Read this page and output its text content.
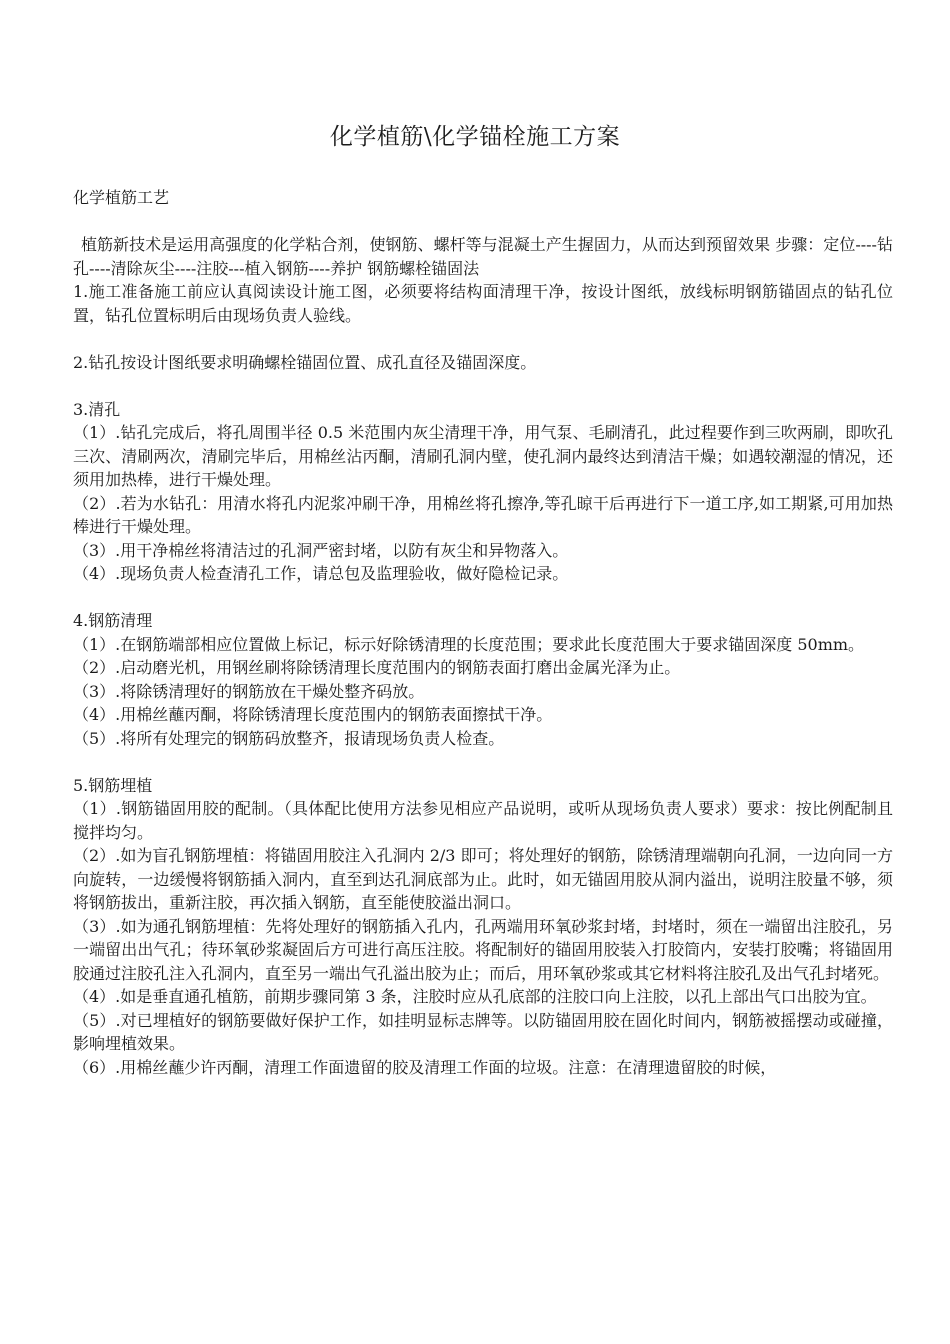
化学植筋\化学锚栓施工方案

化学植筋工艺

植筋新技术是运用高强度的化学粘合剂，使钢筋、螺杆等与混凝土产生握固力，从而达到预留效果 步骤：定位----钻孔----清除灰尘----注胶---植入钢筋----养护 钢筋螺栓锚固法

1.施工准备施工前应认真阅读设计施工图，必须要将结构面清理干净，按设计图纸，放线标明钢筋锚固点的钻孔位置，钻孔位置标明后由现场负责人验线。

2.钻孔按设计图纸要求明确螺栓锚固位置、成孔直径及锚固深度。

3.清孔

（1）.钻孔完成后，将孔周围半径 0.5 米范围内灰尘清理干净，用气泵、毛刷清孔，此过程要作到三吹两刷，即吹孔三次、清刷两次，清刷完毕后，用棉丝沾丙酮，清刷孔洞内壁，使孔洞内最终达到清洁干燥；如遇较潮湿的情况，还须用加热棒，进行干燥处理。

（2）.若为水钻孔：用清水将孔内泥浆冲刷干净，用棉丝将孔擦净,等孔晾干后再进行下一道工序,如工期紧,可用加热棒进行干燥处理。

（3）.用干净棉丝将清洁过的孔洞严密封堵，以防有灰尘和异物落入。

（4）.现场负责人检查清孔工作，请总包及监理验收，做好隐检记录。

4.钢筋清理

（1）.在钢筋端部相应位置做上标记，标示好除锈清理的长度范围；要求此长度范围大于要求锚固深度 50mm。

（2）.启动磨光机，用钢丝刷将除锈清理长度范围内的钢筋表面打磨出金属光泽为止。

（3）.将除锈清理好的钢筋放在干燥处整齐码放。

（4）.用棉丝蘸丙酮，将除锈清理长度范围内的钢筋表面擦拭干净。

（5）.将所有处理完的钢筋码放整齐，报请现场负责人检查。

5.钢筋埋植

（1）.钢筋锚固用胶的配制。（具体配比使用方法参见相应产品说明，或听从现场负责人要求）要求：按比例配制且搅拌均匀。

（2）.如为盲孔钢筋埋植：将锚固用胶注入孔洞内 2/3 即可；将处理好的钢筋，除锈清理端朝向孔洞，一边向同一方向旋转，一边缓慢将钢筋插入洞内，直至到达孔洞底部为止。此时，如无锚固用胶从洞内溢出，说明注胶量不够，须将钢筋拔出，重新注胶，再次插入钢筋，直至能使胶溢出洞口。

（3）.如为通孔钢筋埋植：先将处理好的钢筋插入孔内，孔两端用环氧砂浆封堵，封堵时，须在一端留出注胶孔，另一端留出出气孔；待环氧砂浆凝固后方可进行高压注胶。将配制好的锚固用胶装入打胶筒内，安装打胶嘴；将锚固用胶通过注胶孔注入孔洞内，直至另一端出气孔溢出胶为止；而后，用环氧砂浆或其它材料将注胶孔及出气孔封堵死。

（4）.如是垂直通孔植筋，前期步骤同第 3 条，注胶时应从孔底部的注胶口向上注胶，以孔上部出气口出胶为宜。

（5）.对已埋植好的钢筋要做好保护工作，如挂明显标志牌等。以防锚固用胶在固化时间内，钢筋被摇摆动或碰撞，影响埋植效果。

（6）.用棉丝蘸少许丙酮，清理工作面遗留的胶及清理工作面的垃圾。注意：在清理遗留胶的时候，
